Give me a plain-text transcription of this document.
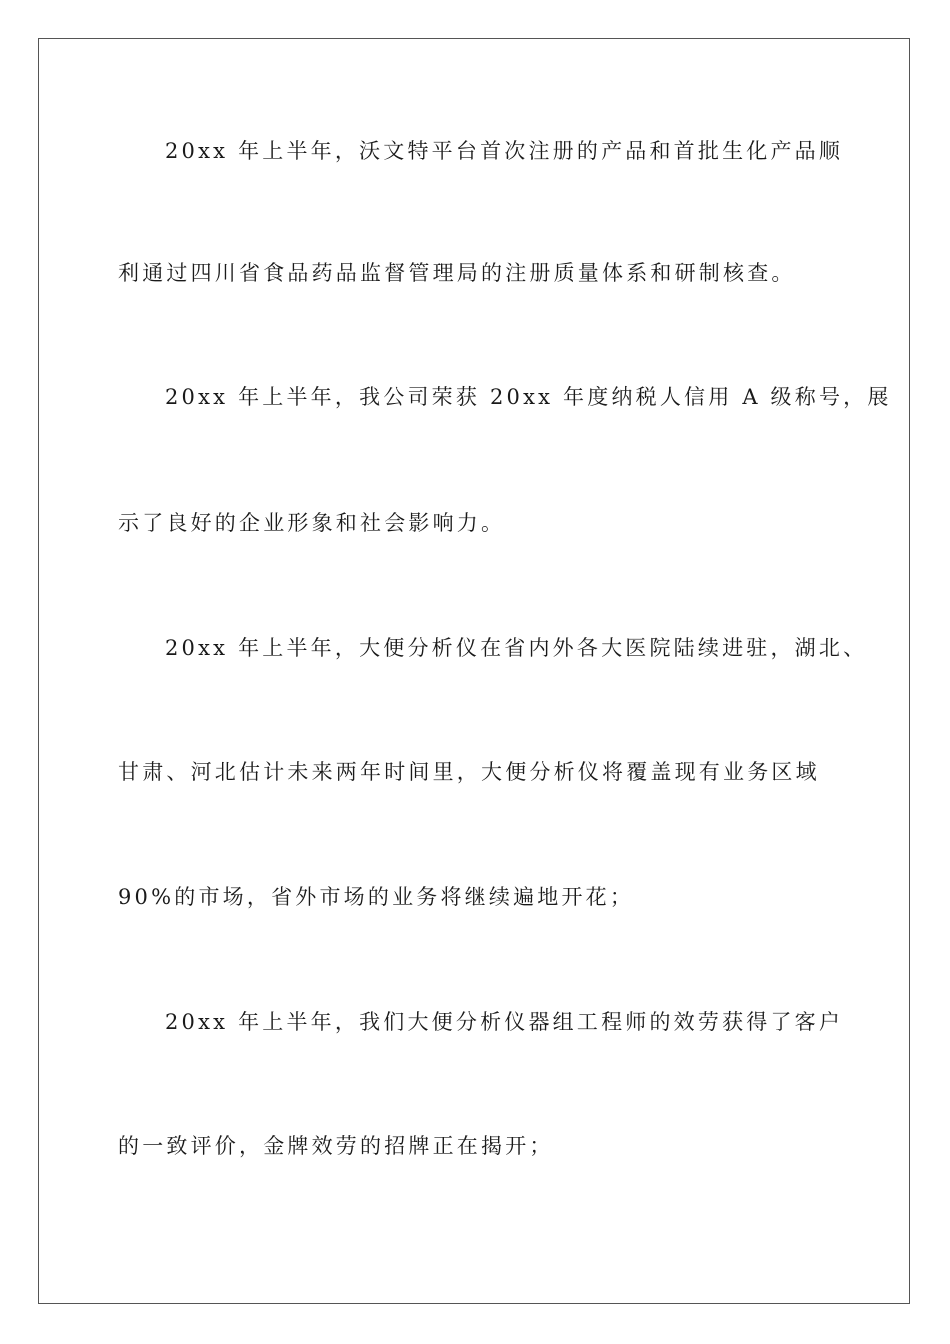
20xx 年上半年，沃文特平台首次注册的产品和首批生化产品顺
利通过四川省食品药品监督管理局的注册质量体系和研制核查。
20xx 年上半年，我公司荣获 20xx 年度纳税人信用 A 级称号，展
示了良好的企业形象和社会影响力。
20xx 年上半年，大便分析仪在省内外各大医院陆续进驻，湖北、
甘肃、河北估计未来两年时间里，大便分析仪将覆盖现有业务区域
90%的市场，省外市场的业务将继续遍地开花；
20xx 年上半年，我们大便分析仪器组工程师的效劳获得了客户
的一致评价，金牌效劳的招牌正在揭开；
